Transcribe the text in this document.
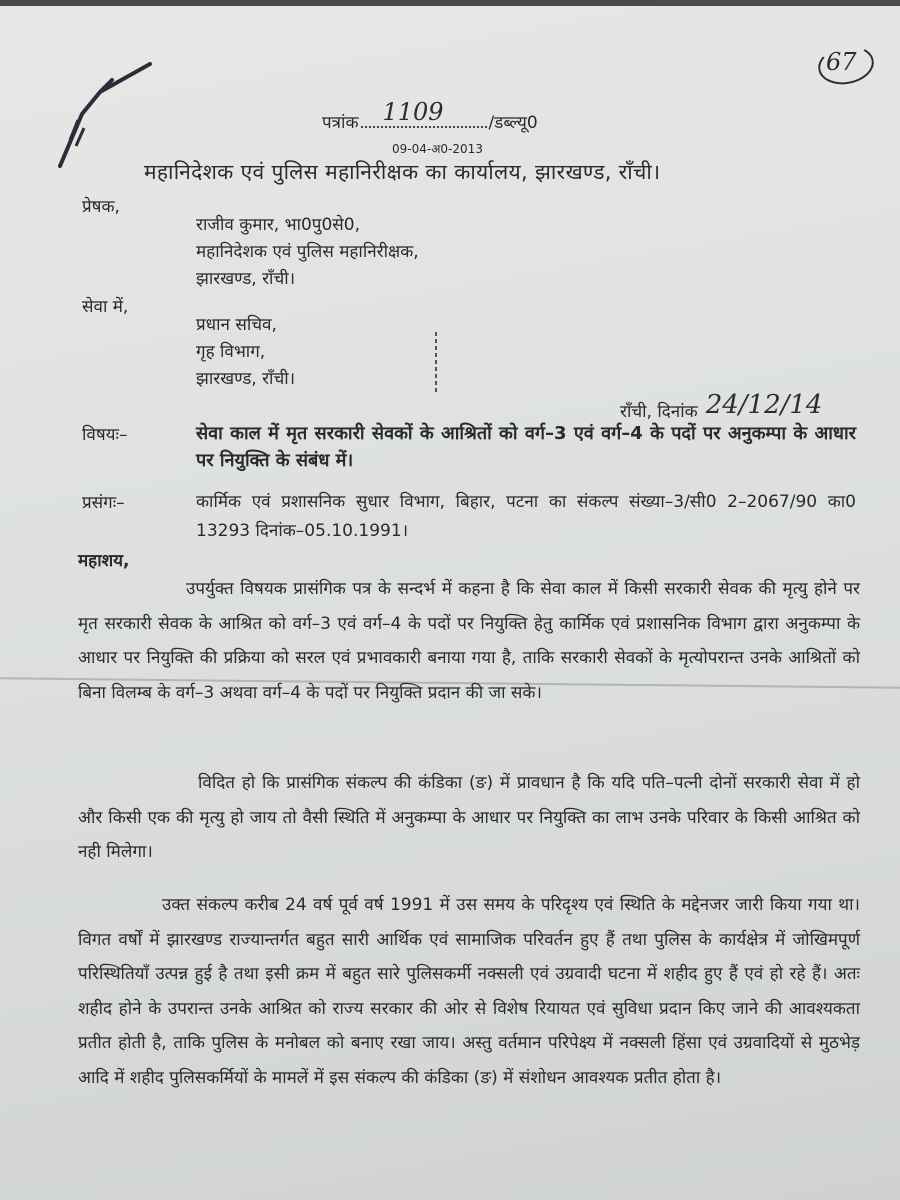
67
पत्रांक 1109	/डब्ल्यू0
09-04-अ0-2013
महानिदेशक एवं पुलिस महानिरीक्षक का कार्यालय, झारखण्ड, राँची।
प्रेषक,
राजीव कुमार, भा0पु0से0,
महानिदेशक एवं पुलिस महानिरीक्षक,
झारखण्ड, राँची।
सेवा में,
प्रधान सचिव,
गृह विभाग,
झारखण्ड, राँची।
राँची, दिनांक 24/12/14
विषयः–	सेवा काल में मृत सरकारी सेवकों के आश्रितों को वर्ग–3 एवं वर्ग–4 के पदों पर अनुकम्पा के आधार पर नियुक्ति के संबंध में।
प्रसंगः–	कार्मिक एवं प्रशासनिक सुधार विभाग, बिहार, पटना का संकल्प संख्या–3/सी0 2–2067/90 का0 13293 दिनांक–05.10.1991।
महाशय,
उपर्युक्त विषयक प्रासंगिक पत्र के सन्दर्भ में कहना है कि सेवा काल में किसी सरकारी सेवक की मृत्यु होने पर मृत सरकारी सेवक के आश्रित को वर्ग–3 एवं वर्ग–4 के पदों पर नियुक्ति हेतु कार्मिक एवं प्रशासनिक विभाग द्वारा अनुकम्पा के आधार पर नियुक्ति की प्रक्रिया को सरल एवं प्रभावकारी बनाया गया है, ताकि सरकारी सेवकों के मृत्योपरान्त उनके आश्रितों को बिना विलम्ब के वर्ग–3 अथवा वर्ग–4 के पदों पर नियुक्ति प्रदान की जा सके।
विदित हो कि प्रासंगिक संकल्प की कंडिका (ङ) में प्रावधान है कि यदि पति–पत्नी दोनों सरकारी सेवा में हो और किसी एक की मृत्यु हो जाय तो वैसी स्थिति में अनुकम्पा के आधार पर नियुक्ति का लाभ उनके परिवार के किसी आश्रित को नही मिलेगा।
उक्त संकल्प करीब 24 वर्ष पूर्व वर्ष 1991 में उस समय के परिदृश्य एवं स्थिति के मद्देनजर जारी किया गया था। विगत वर्षों में झारखण्ड राज्यान्तर्गत बहुत सारी आर्थिक एवं सामाजिक परिवर्तन हुए हैं तथा पुलिस के कार्यक्षेत्र में जोखिमपूर्ण परिस्थितियाँ उत्पन्न हुई है तथा इसी क्रम में बहुत सारे पुलिसकर्मी नक्सली एवं उग्रवादी घटना में शहीद हुए हैं एवं हो रहे हैं। अतः शहीद होने के उपरान्त उनके आश्रित को राज्य सरकार की ओर से विशेष रियायत एवं सुविधा प्रदान किए जाने की आवश्यकता प्रतीत होती है, ताकि पुलिस के मनोबल को बनाए रखा जाय। अस्तु वर्तमान परिपेक्ष्य में नक्सली हिंसा एवं उग्रवादियों से मुठभेड़ आदि में शहीद पुलिसकर्मियों के मामलें में इस संकल्प की कंडिका (ङ) में संशोधन आवश्यक प्रतीत होता है।
